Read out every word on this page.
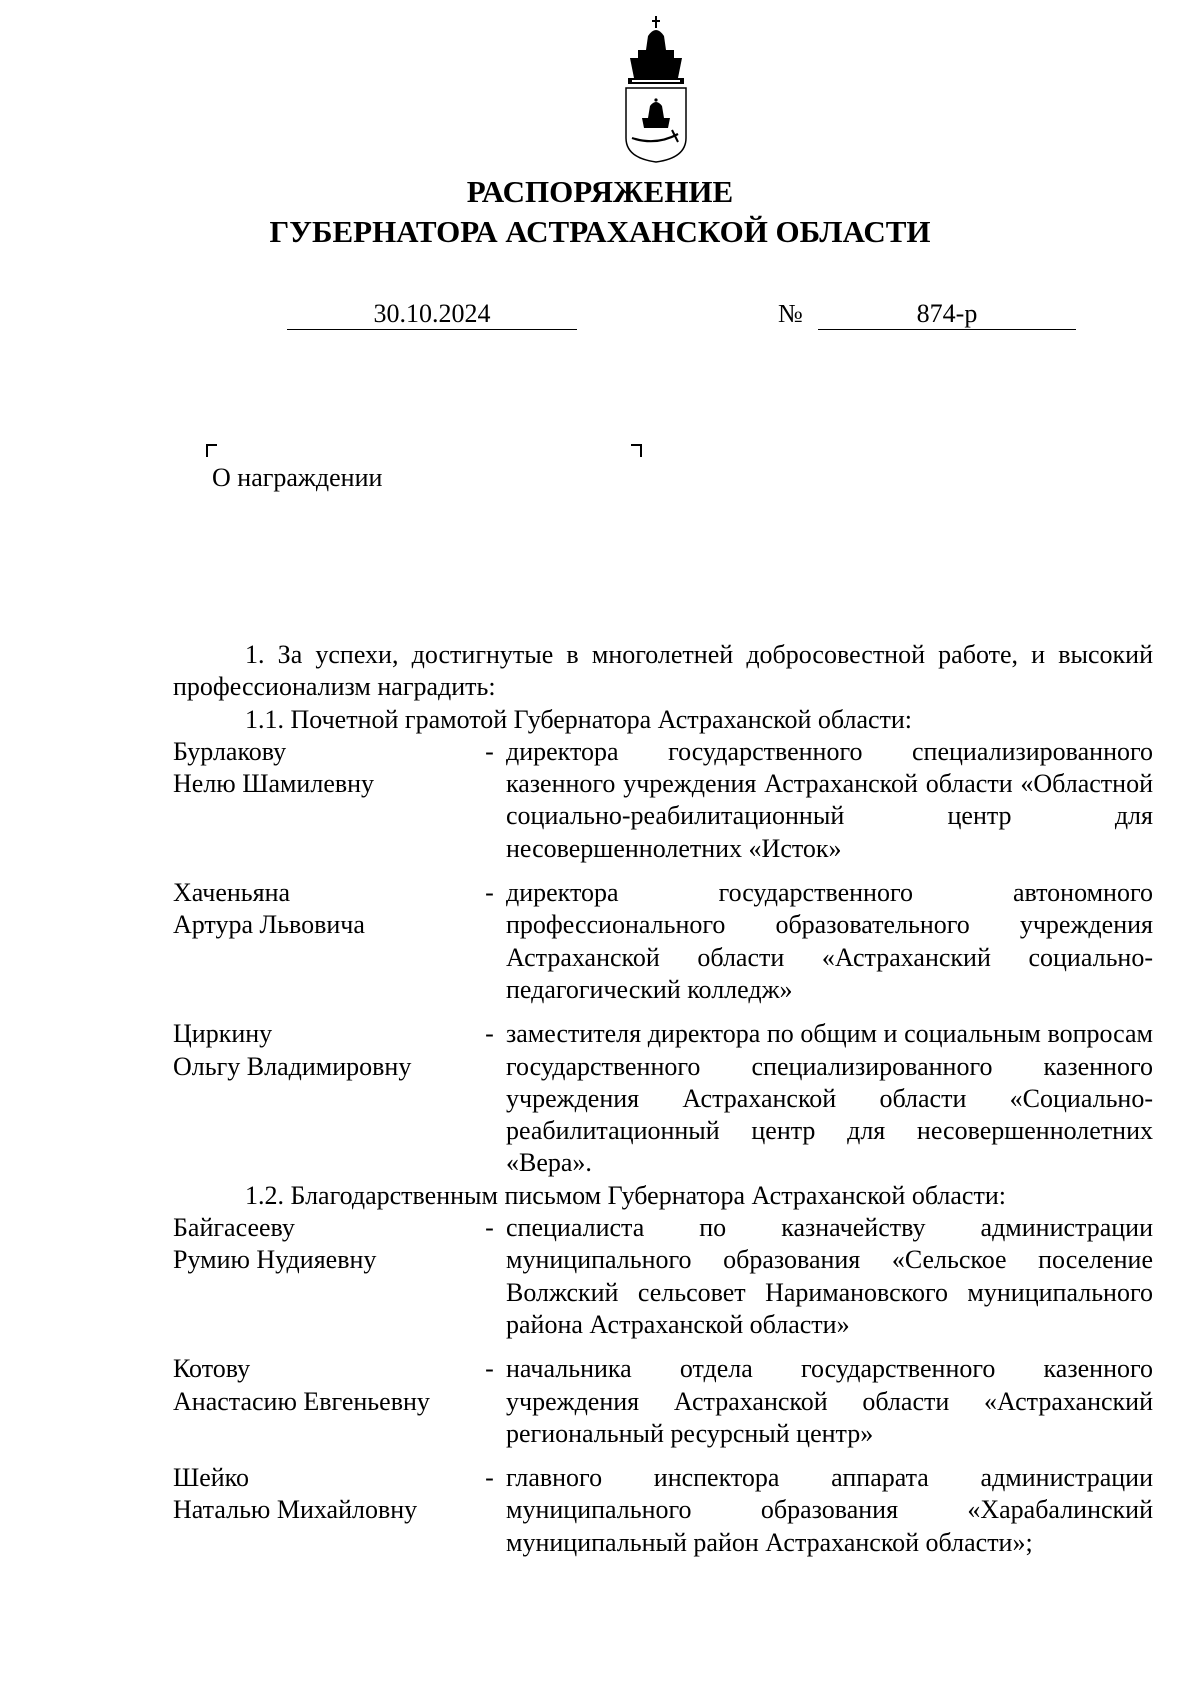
РАСПОРЯЖЕНИЕ
ГУБЕРНАТОРА АСТРАХАНСКОЙ ОБЛАСТИ
30.10.2024	№	874-р
О награждении

1. За успехи, достигнутые в многолетней добросовестной работе, и высокий профессионализм наградить:

1.1. Почетной грамотой Губернатора Астраханской области:

Бурлакову
Нелю Шамилевну
- директора государственного специализированного казенного учреждения Астраханской области «Областной социально-реабилитационный центр для несовершеннолетних «Исток»
Хаченьяна
Артура Львовича
- директора государственного автономного профессионального образовательного учреждения Астраханской области «Астраханский социально-педагогический колледж»
Циркину
Ольгу Владимировну
- заместителя директора по общим и социальным вопросам государственного специализированного казенного учреждения Астраханской области «Социально-реабилитационный центр для несовершеннолетних «Вера».

1.2. Благодарственным письмом Губернатора Астраханской области:

Байгасееву
Румию Нудияевну
- специалиста по казначейству администрации муниципального образования «Сельское поселение Волжский сельсовет Наримановского муниципального района Астраханской области»
Котову
Анастасию Евгеньевну
- начальника отдела государственного казенного учреждения Астраханской области «Астраханский региональный ресурсный центр»
Шейко
Наталью Михайловну
- главного инспектора аппарата администрации муниципального образования «Харабалинский муниципальный район Астраханской области»;
